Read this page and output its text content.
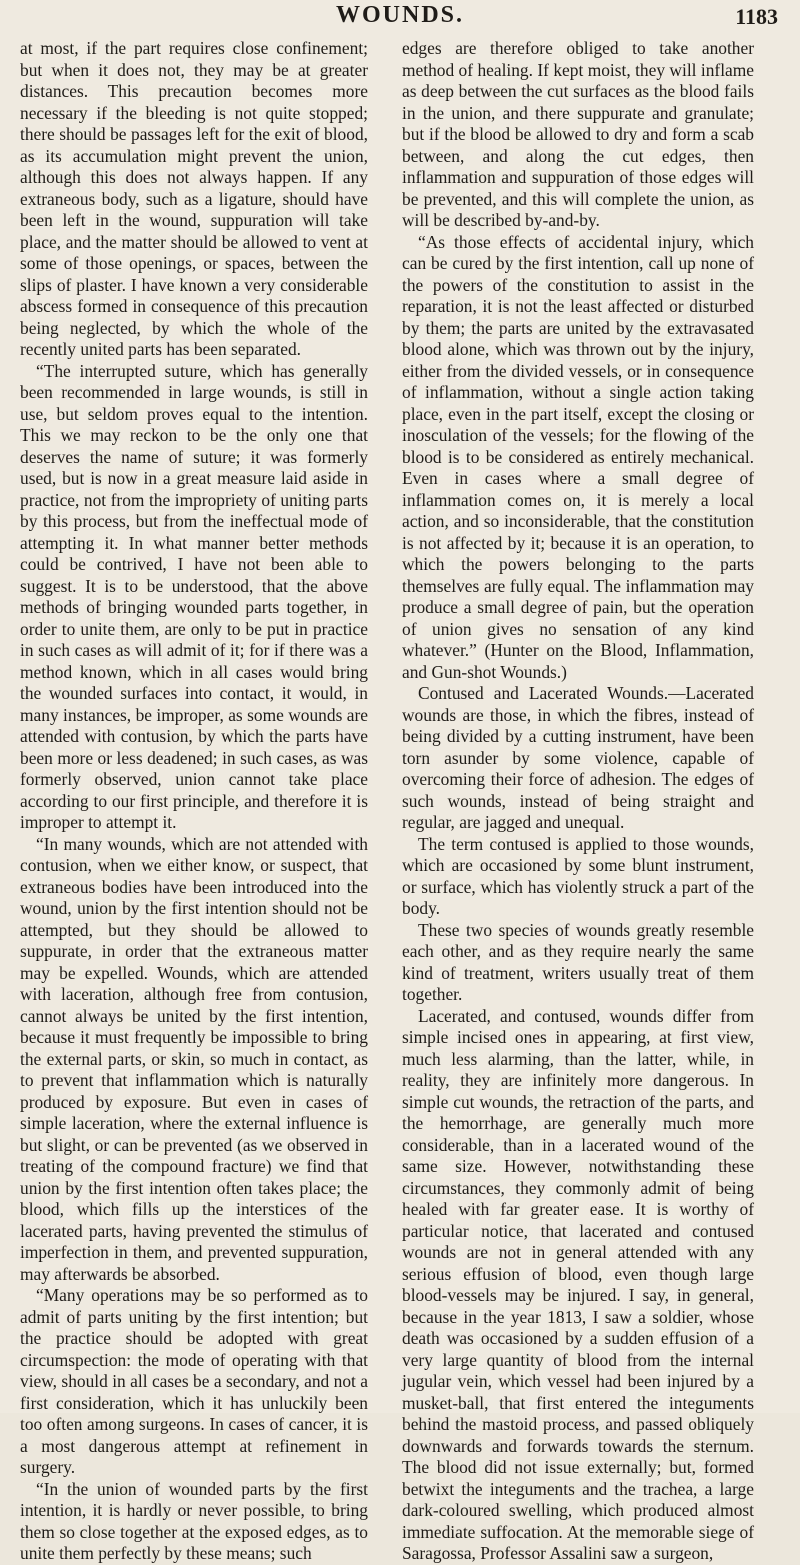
WOUNDS.	1183

at most, if the part requires close confinement; but when it does not, they may be at greater distances. This precaution becomes more necessary if the bleeding is not quite stopped; there should be passages left for the exit of blood, as its accumulation might prevent the union, although this does not always happen. If any extraneous body, such as a ligature, should have been left in the wound, suppuration will take place, and the matter should be allowed to vent at some of those openings, or spaces, between the slips of plaster. I have known a very considerable abscess formed in consequence of this precaution being neglected, by which the whole of the recently united parts has been separated.

“The interrupted suture, which has generally been recommended in large wounds, is still in use, but seldom proves equal to the intention. This we may reckon to be the only one that deserves the name of suture; it was formerly used, but is now in a great measure laid aside in practice, not from the impropriety of uniting parts by this process, but from the ineffectual mode of attempting it. In what manner better methods could be contrived, I have not been able to suggest. It is to be understood, that the above methods of bringing wounded parts together, in order to unite them, are only to be put in practice in such cases as will admit of it; for if there was a method known, which in all cases would bring the wounded surfaces into contact, it would, in many instances, be improper, as some wounds are attended with contusion, by which the parts have been more or less deadened; in such cases, as was formerly observed, union cannot take place according to our first principle, and therefore it is improper to attempt it.

“In many wounds, which are not attended with contusion, when we either know, or suspect, that extraneous bodies have been introduced into the wound, union by the first intention should not be attempted, but they should be allowed to suppurate, in order that the extraneous matter may be expelled. Wounds, which are attended with laceration, although free from contusion, cannot always be united by the first intention, because it must frequently be impossible to bring the external parts, or skin, so much in contact, as to prevent that inflammation which is naturally produced by exposure. But even in cases of simple laceration, where the external influence is but slight, or can be prevented (as we observed in treating of the compound fracture) we find that union by the first intention often takes place; the blood, which fills up the interstices of the lacerated parts, having prevented the stimulus of imperfection in them, and prevented suppuration, may afterwards be absorbed.

“Many operations may be so performed as to admit of parts uniting by the first intention; but the practice should be adopted with great circumspection: the mode of operating with that view, should in all cases be a secondary, and not a first consideration, which it has unluckily been too often among surgeons. In cases of cancer, it is a most dangerous attempt at refinement in surgery.

“In the union of wounded parts by the first intention, it is hardly or never possible, to bring them so close together at the exposed edges, as to unite them perfectly by these means; such

edges are therefore obliged to take another method of healing. If kept moist, they will inflame as deep between the cut surfaces as the blood fails in the union, and there suppurate and granulate; but if the blood be allowed to dry and form a scab between, and along the cut edges, then inflammation and suppuration of those edges will be prevented, and this will complete the union, as will be described by-and-by.

“As those effects of accidental injury, which can be cured by the first intention, call up none of the powers of the constitution to assist in the reparation, it is not the least affected or disturbed by them; the parts are united by the extravasated blood alone, which was thrown out by the injury, either from the divided vessels, or in consequence of inflammation, without a single action taking place, even in the part itself, except the closing or inosculation of the vessels; for the flowing of the blood is to be considered as entirely mechanical. Even in cases where a small degree of inflammation comes on, it is merely a local action, and so inconsiderable, that the constitution is not affected by it; because it is an operation, to which the powers belonging to the parts themselves are fully equal. The inflammation may produce a small degree of pain, but the operation of union gives no sensation of any kind whatever.” (Hunter on the Blood, Inflammation, and Gun-shot Wounds.)

Contused and Lacerated Wounds.—Lacerated wounds are those, in which the fibres, instead of being divided by a cutting instrument, have been torn asunder by some violence, capable of overcoming their force of adhesion. The edges of such wounds, instead of being straight and regular, are jagged and unequal.

The term contused is applied to those wounds, which are occasioned by some blunt instrument, or surface, which has violently struck a part of the body.

These two species of wounds greatly resemble each other, and as they require nearly the same kind of treatment, writers usually treat of them together.

Lacerated, and contused, wounds differ from simple incised ones in appearing, at first view, much less alarming, than the latter, while, in reality, they are infinitely more dangerous. In simple cut wounds, the retraction of the parts, and the hemorrhage, are generally much more considerable, than in a lacerated wound of the same size. However, notwithstanding these circumstances, they commonly admit of being healed with far greater ease. It is worthy of particular notice, that lacerated and contused wounds are not in general attended with any serious effusion of blood, even though large blood-vessels may be injured. I say, in general, because in the year 1813, I saw a soldier, whose death was occasioned by a sudden effusion of a very large quantity of blood from the internal jugular vein, which vessel had been injured by a musket-ball, that first entered the integuments behind the mastoid process, and passed obliquely downwards and forwards towards the sternum. The blood did not issue externally; but, formed betwixt the integuments and the trachea, a large dark-coloured swelling, which produced almost immediate suffocation. At the memorable siege of Saragossa, Professor Assalini saw a surgeon,
